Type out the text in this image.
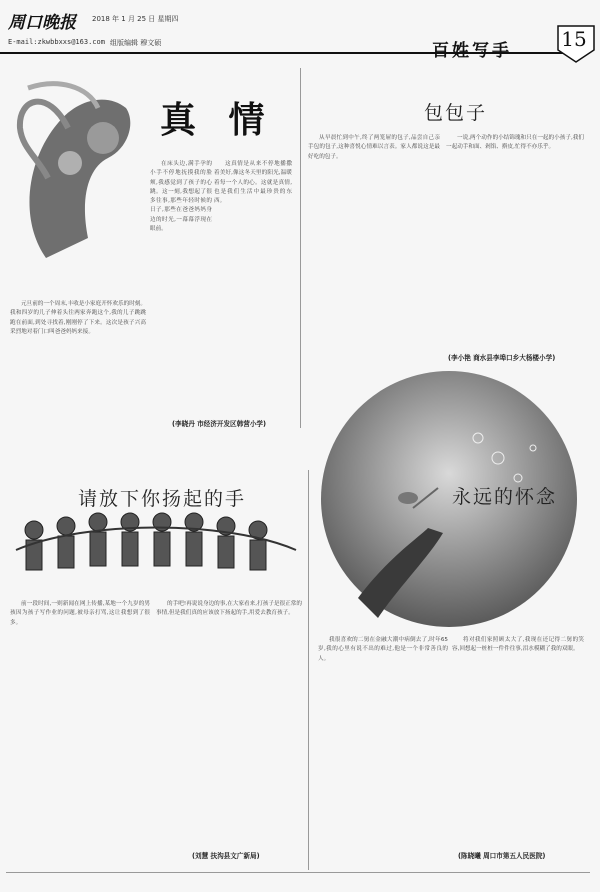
周口晚报	2018 年 1 月 25 日 星期四
E-mail:zkwbbxxs@163.com 组版编辑 穆文硕	百姓写手	15
真 情
元旦前的一个周末,丰收是小家庭开怀欢乐的时刻。我和四岁的儿子伸着头往两家奔跑这个,我的儿子跳跳跑在前面,到处寻找着,刚刚停了下来。这次是孩子兴高采烈地对着门口叫爸爸妈妈来接。
在床头边,满手孕的小手不停地抚摸我的脸颊,我感觉到了孩子的心跳。这一刻,我想起了很多往事,那些年轻时候的日子,那些在爸爸妈妈身边的时光,一幕幕浮现在眼前。
这真情是从来不停地播撒着美好,像这冬天里的阳光,温暖着每一个人的心。这就是真情,也是我们生活中最珍贵的东西。
(李晓丹 市经济开发区韩营小学)
包包子
从早晨忙到中午,终了两笼屉的包子,品尝自己亲手包的包子,这种喜悦心情难以言表。家人都说这是最好吃的包子。
一说,两个动作的小结锦瑰和只在一起的小孩子,我们一起动手和面、剁馅、擀皮,忙得不亦乐乎。
(李小艳 商水县李埠口乡大杨楼小学)
永远的怀念
请放下你扬起的手
前一段时间,一则新闻在网上传播,某地一个九岁的男孩因为孩子写作业的问题,被母亲打骂,这让我想到了很多。
的手吧!再说说身边的事,在大家看来,打孩子是很正常的事情,但是我们真的应该放下扬起的手,用爱去教育孩子。
(刘慧 扶沟县文广新局)
我很喜欢的二舅在金融大潮中病倒去了,时年65岁,我的心里有说不出的难过,他是一个非常善良的人。
将对我们家照顾太大了,我现在还记得二舅的笑容,回想起一桩桩一件件往事,泪水模糊了我的双眼。
(陈晓曦 周口市第五人民医院)
